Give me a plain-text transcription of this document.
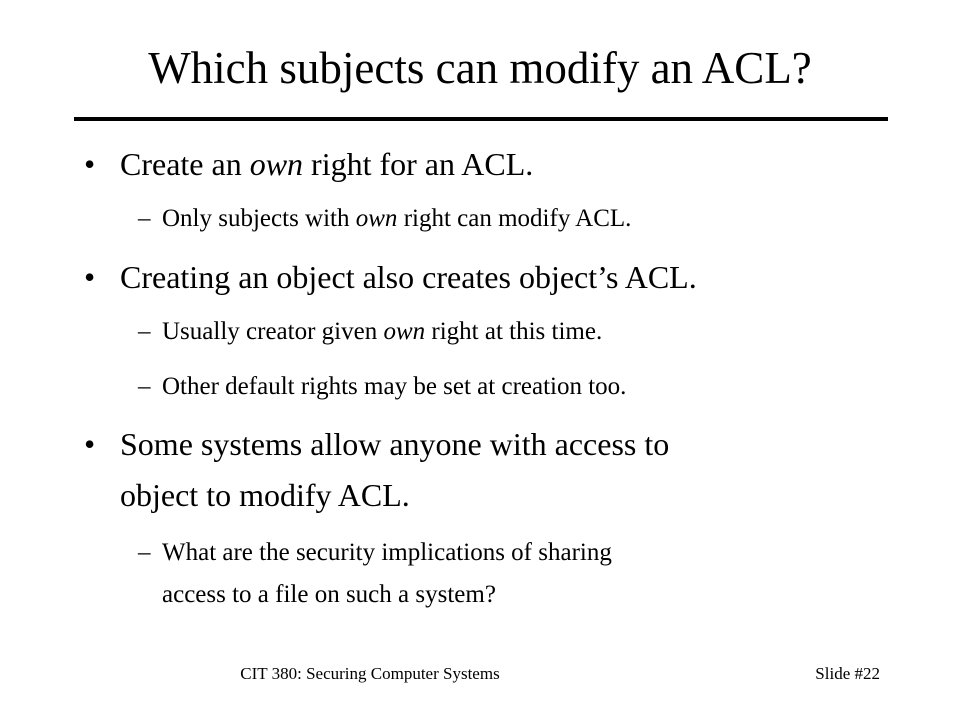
Which subjects can modify an ACL?
• Create an own right for an ACL.
– Only subjects with own right can modify ACL.
• Creating an object also creates object’s ACL.
– Usually creator given own right at this time.
– Other default rights may be set at creation too.
• Some systems allow anyone with access to
object to modify ACL.
– What are the security implications of sharing
access to a file on such a system?
CIT 380: Securing Computer Systems	Slide #22
